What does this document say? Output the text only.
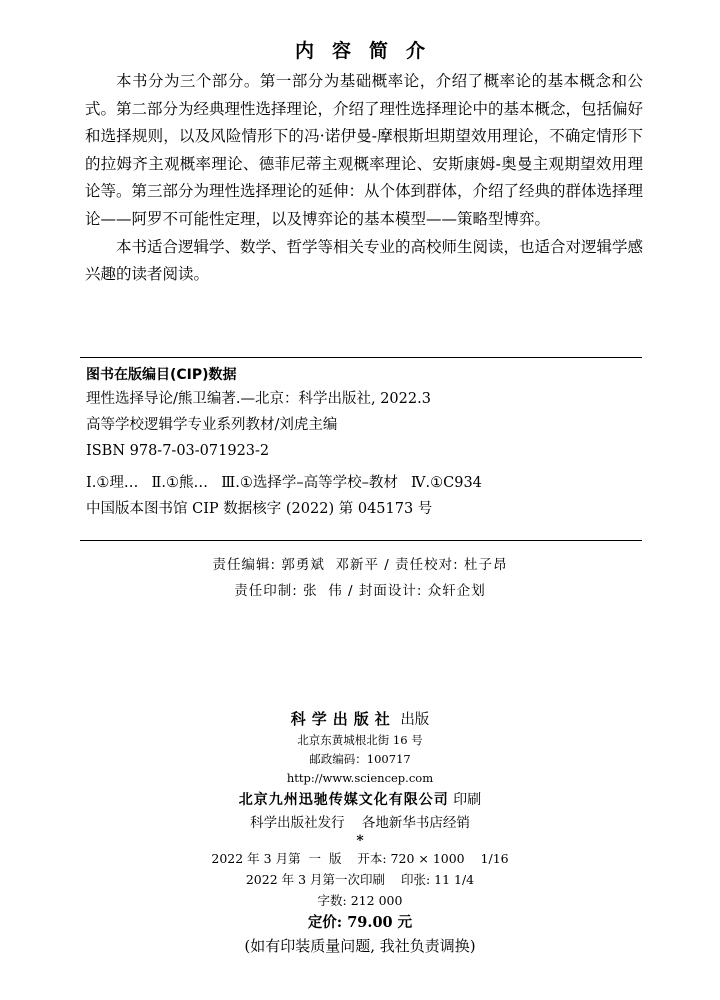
内容简介

本书分为三个部分。第一部分为基础概率论，介绍了概率论的基本概念和公式。第二部分为经典理性选择理论，介绍了理性选择理论中的基本概念，包括偏好和选择规则，以及风险情形下的冯·诺伊曼-摩根斯坦期望效用理论，不确定情形下的拉姆齐主观概率理论、德菲尼蒂主观概率理论、安斯康姆-奥曼主观期望效用理论等。第三部分为理性选择理论的延伸：从个体到群体，介绍了经典的群体选择理论——阿罗不可能性定理，以及博弈论的基本模型——策略型博弈。

本书适合逻辑学、数学、哲学等相关专业的高校师生阅读，也适合对逻辑学感兴趣的读者阅读。

图书在版编目(CIP)数据
理性选择导论/熊卫编著.—北京：科学出版社, 2022.3
高等学校逻辑学专业系列教材/刘虎主编
ISBN 978-7-03-071923-2
Ⅰ.①理…  Ⅱ.①熊…  Ⅲ.①选择学–高等学校–教材  Ⅳ.①C934
中国版本图书馆 CIP 数据核字 (2022) 第 045173 号
责任编辑: 郭勇斌  邓新平 / 责任校对: 杜子昂
责任印制: 张  伟 / 封面设计: 众轩企划
科学出版社 出版
北京东黄城根北街 16 号
邮政编码：100717
http://www.sciencep.com
北京九州迅驰传媒文化有限公司 印刷
科学出版社发行    各地新华书店经销
*
2022 年 3 月第  一  版    开本: 720 × 1000    1/16
2022 年 3 月第一次印刷    印张: 11 1/4
字数: 212 000
定价: 79.00 元
(如有印装质量问题, 我社负责调换)
